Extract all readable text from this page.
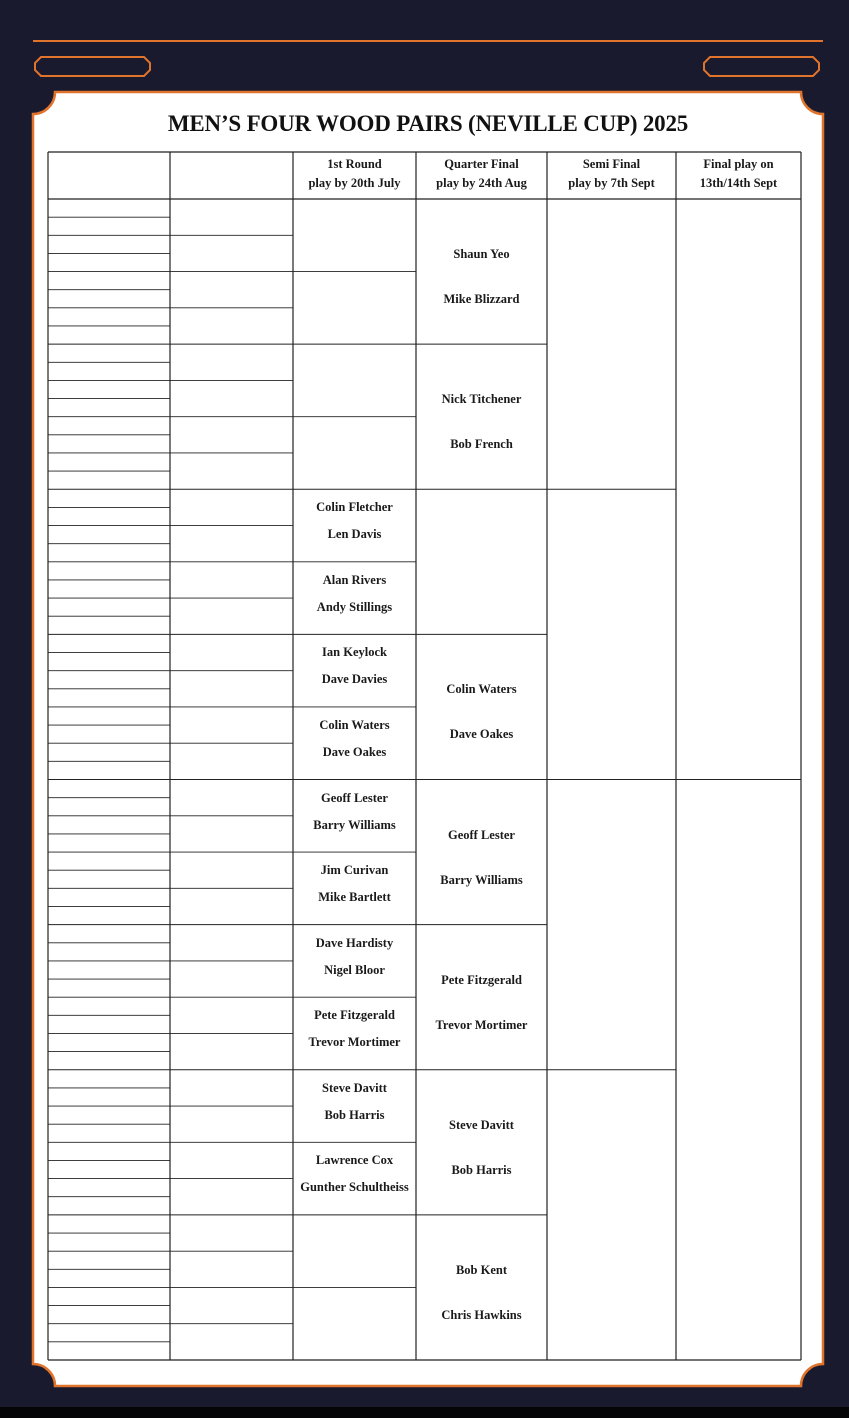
MEN’S FOUR WOOD PAIRS (NEVILLE CUP) 2025
1st Round
play by 20th July
Quarter Final
play by 24th Aug
Semi Final
play by 7th Sept
Final play on
13th/14th Sept
Colin Fletcher
Len Davis
Alan Rivers
Andy Stillings
Ian Keylock
Dave Davies
Colin Waters
Dave Oakes
Geoff Lester
Barry Williams
Jim Curivan
Mike Bartlett
Dave Hardisty
Nigel Bloor
Pete Fitzgerald
Trevor Mortimer
Steve Davitt
Bob Harris
Lawrence Cox
Gunther Schultheiss
Shaun Yeo
Mike Blizzard
Nick Titchener
Bob French
Colin Waters
Dave Oakes
Geoff Lester
Barry Williams
Pete Fitzgerald
Trevor Mortimer
Steve Davitt
Bob Harris
Bob Kent
Chris Hawkins
